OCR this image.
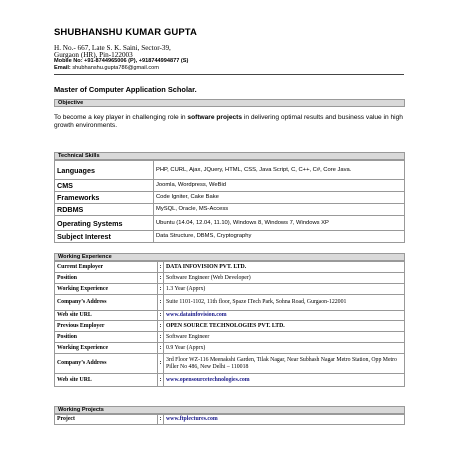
SHUBHANSHU KUMAR GUPTA
H. No.- 667, Late S. K. Saini, Sector-39,
Gurgaon (HR), Pin-122003
Mobile No: +91-8744965006 (P), +918744994877 (S)
Email: shubhanshu.gupta786@gmail.com
Master of Computer Application Scholar.
Objective
To become a key player in challenging role in software projects in delivering optimal results and business value in high growth environments.
Technical Skills
Languages	PHP, CURL, Ajax, JQuery, HTML, CSS, Java Script, C, C++, C#, Core Java.
CMS	Joomla, Wordpress, WeBid
Frameworks	Code Igniter, Cake Bake
RDBMS	MySQL, Oracle, MS-Access
Operating Systems	Ubuntu (14.04, 12.04, 11.10), Windows 8, Windows 7, Windows XP
Subject Interest	Data Structure, DBMS, Cryptography
Working Experience
Current Employer	:	DATA INFOVISION PVT. LTD.
Position	:	Software Engineer (Web Developer)
Working Experience	:	1.3 Year (Apprx)
Company’s Address	:	Suite 1101-1102, 11th floor, Spaze ITech Park, Sohna Road, Gurgaon-122001
Web site URL	:	www.datainfovision.com
Previous Employer	:	OPEN SOURCE TECHNOLOGIES PVT. LTD.
Position	:	Software Engineer
Working Experience	:	0.9 Year (Apprx)
Company’s Address	:	3rd Floor WZ-116 Meenakshi Garden, Tilak Nagar, Near Subhash Nagar Metro Station, Opp Metro Piller No 486, New Delhi – 110018
Web site URL	:	www.opensourcetechnologies.com
Working Projects
Project	:	www.ftplectures.com
